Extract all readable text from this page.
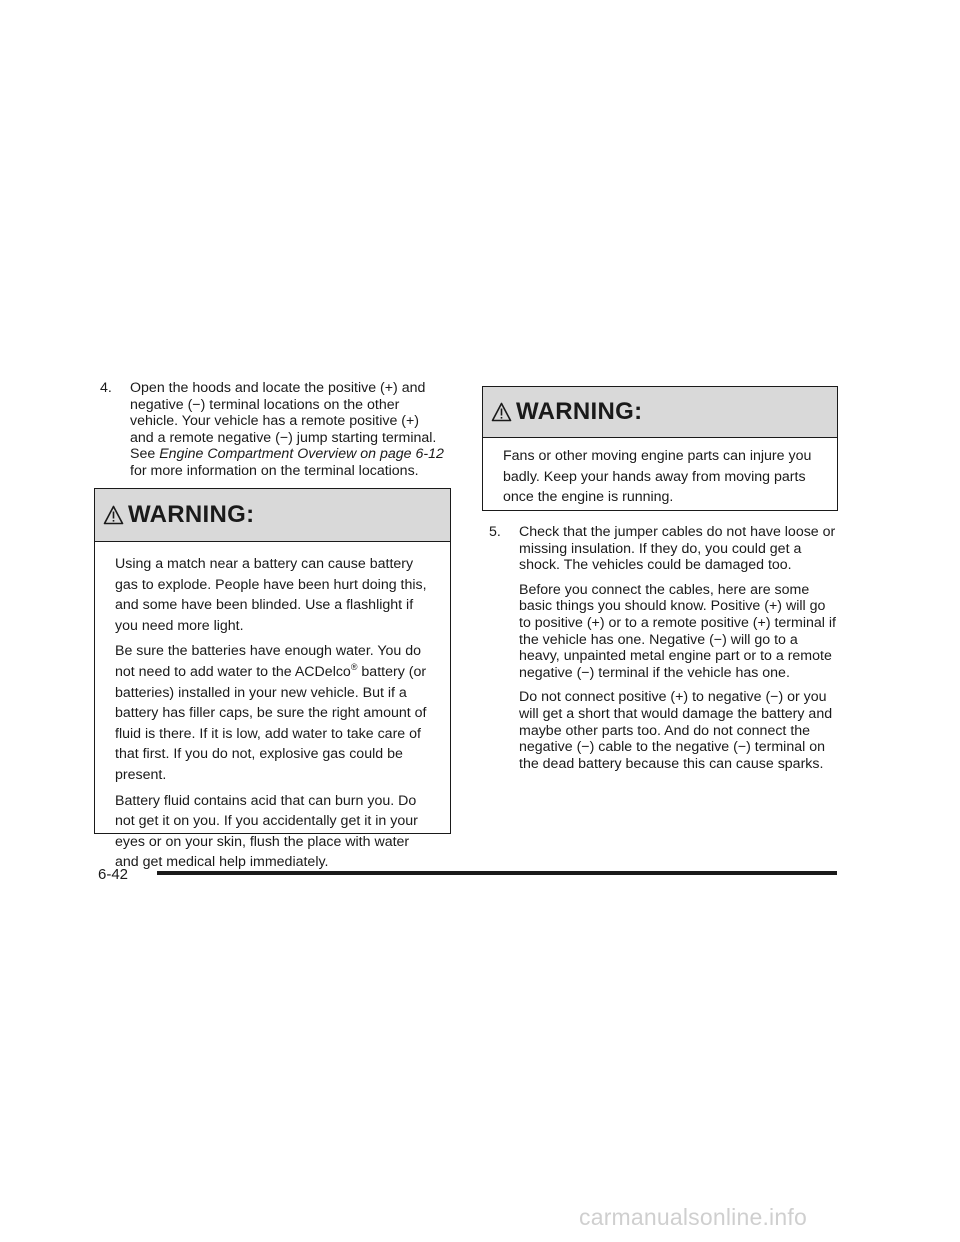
4. Open the hoods and locate the positive (+) and negative (−) terminal locations on the other vehicle. Your vehicle has a remote positive (+) and a remote negative (−) jump starting terminal. See Engine Compartment Overview on page 6-12 for more information on the terminal locations.

WARNING:

Using a match near a battery can cause battery gas to explode. People have been hurt doing this, and some have been blinded. Use a flashlight if you need more light.

Be sure the batteries have enough water. You do not need to add water to the ACDelco® battery (or batteries) installed in your new vehicle. But if a battery has filler caps, be sure the right amount of fluid is there. If it is low, add water to take care of that first. If you do not, explosive gas could be present.

Battery fluid contains acid that can burn you. Do not get it on you. If you accidentally get it in your eyes or on your skin, flush the place with water and get medical help immediately.

WARNING:

Fans or other moving engine parts can injure you badly. Keep your hands away from moving parts once the engine is running.

5. Check that the jumper cables do not have loose or missing insulation. If they do, you could get a shock. The vehicles could be damaged too.

Before you connect the cables, here are some basic things you should know. Positive (+) will go to positive (+) or to a remote positive (+) terminal if the vehicle has one. Negative (−) will go to a heavy, unpainted metal engine part or to a remote negative (−) terminal if the vehicle has one.

Do not connect positive (+) to negative (−) or you will get a short that would damage the battery and maybe other parts too. And do not connect the negative (−) cable to the negative (−) terminal on the dead battery because this can cause sparks.

6-42
carmanualsonline.info
